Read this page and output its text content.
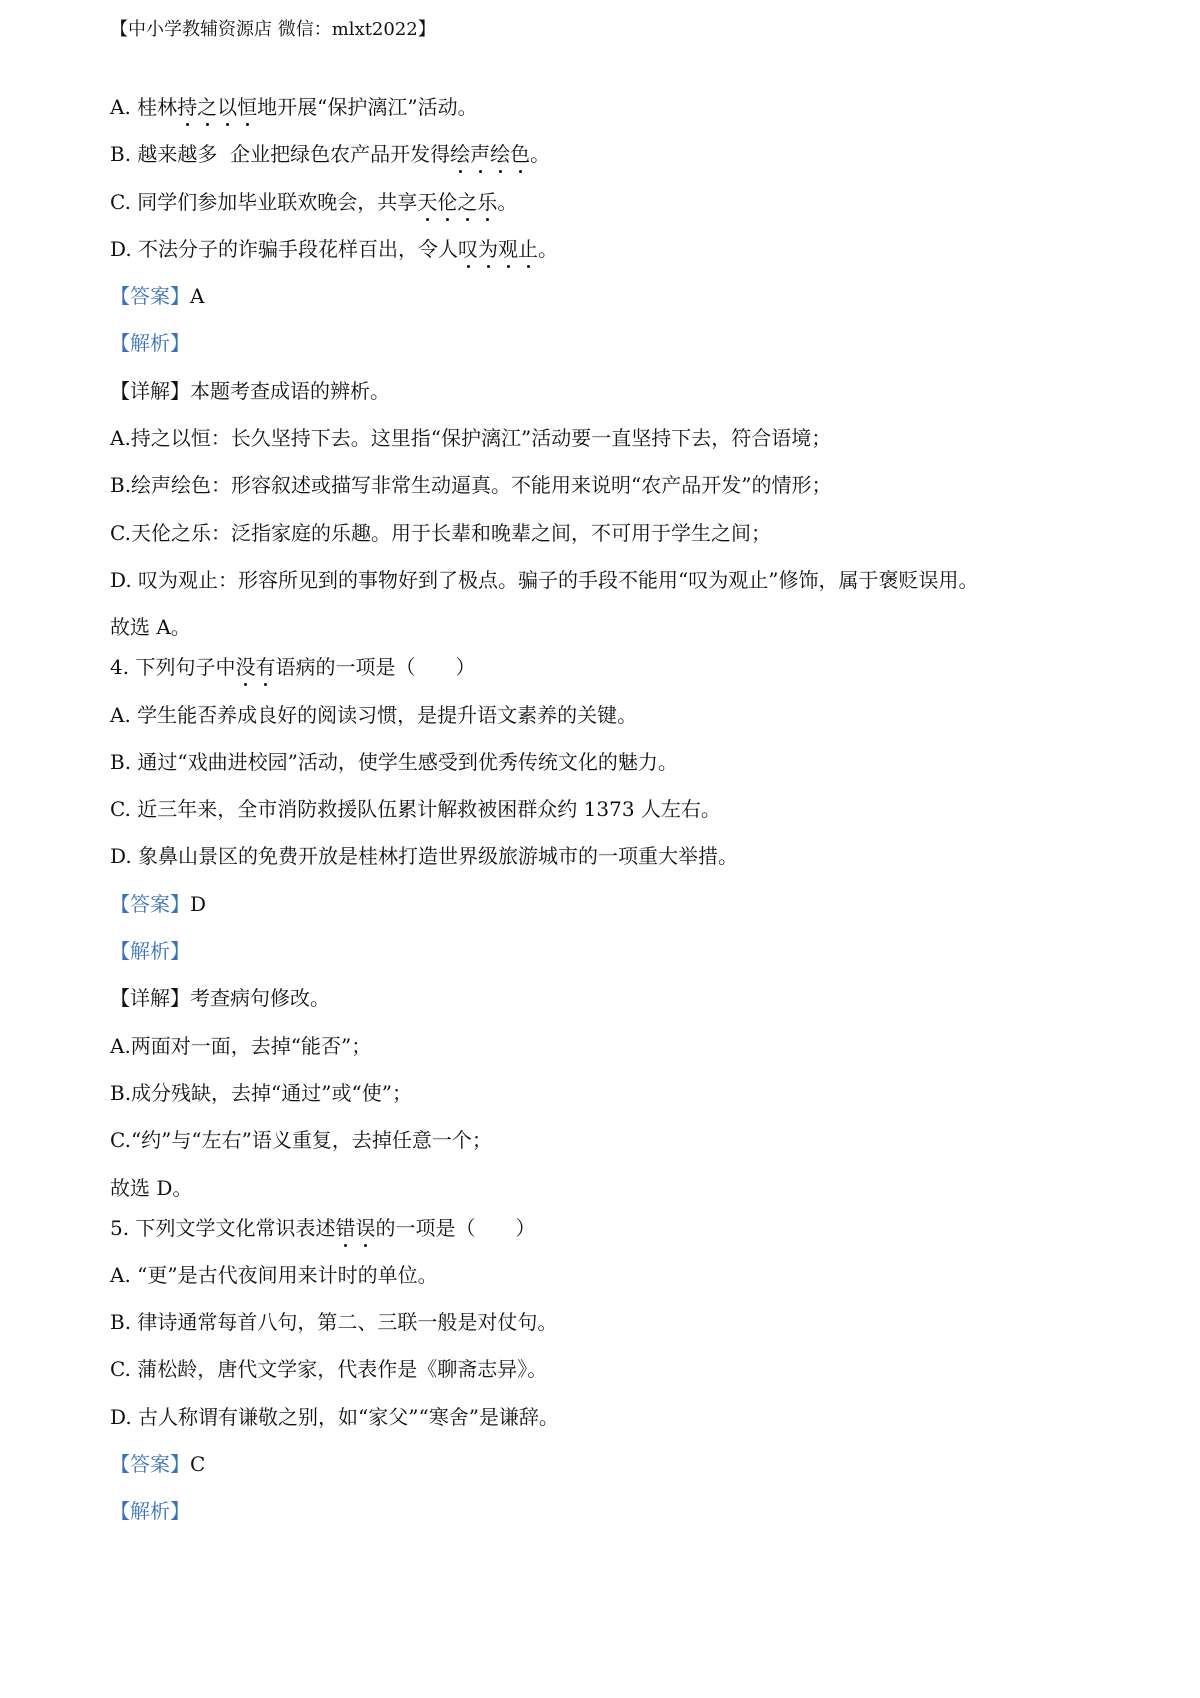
【中小学教辅资源店 微信：mlxt2022】
A. 桂林持之以恒地开展“保护漓江”活动。
B. 越来越多  企业把绿色农产品开发得绘声绘色。
C. 同学们参加毕业联欢晚会，共享天伦之乐。
D. 不法分子的诈骗手段花样百出，令人叹为观止。
【答案】A
【解析】
【详解】本题考查成语的辨析。
A.持之以恒：长久坚持下去。这里指“保护漓江”活动要一直坚持下去，符合语境；
B.绘声绘色：形容叙述或描写非常生动逼真。不能用来说明“农产品开发”的情形；
C.天伦之乐：泛指家庭的乐趣。用于长辈和晚辈之间，不可用于学生之间；
D. 叹为观止：形容所见到的事物好到了极点。骗子的手段不能用“叹为观止”修饰，属于褒贬误用。
故选 A。
4. 下列句子中没有语病的一项是（　　）
A. 学生能否养成良好的阅读习惯，是提升语文素养的关键。
B. 通过“戏曲进校园”活动，使学生感受到优秀传统文化的魅力。
C. 近三年来，全市消防救援队伍累计解救被困群众约 1373 人左右。
D. 象鼻山景区的免费开放是桂林打造世界级旅游城市的一项重大举措。
【答案】D
【解析】
【详解】考查病句修改。
A.两面对一面，去掉“能否”；
B.成分残缺，去掉“通过”或“使”；
C.“约”与“左右”语义重复，去掉任意一个；
故选 D。
5. 下列文学文化常识表述错误的一项是（　　）
A. “更”是古代夜间用来计时的单位。
B. 律诗通常每首八句，第二、三联一般是对仗句。
C. 蒲松龄，唐代文学家，代表作是《聊斋志异》。
D. 古人称谓有谦敬之别，如“家父”“寒舍”是谦辞。
【答案】C
【解析】
